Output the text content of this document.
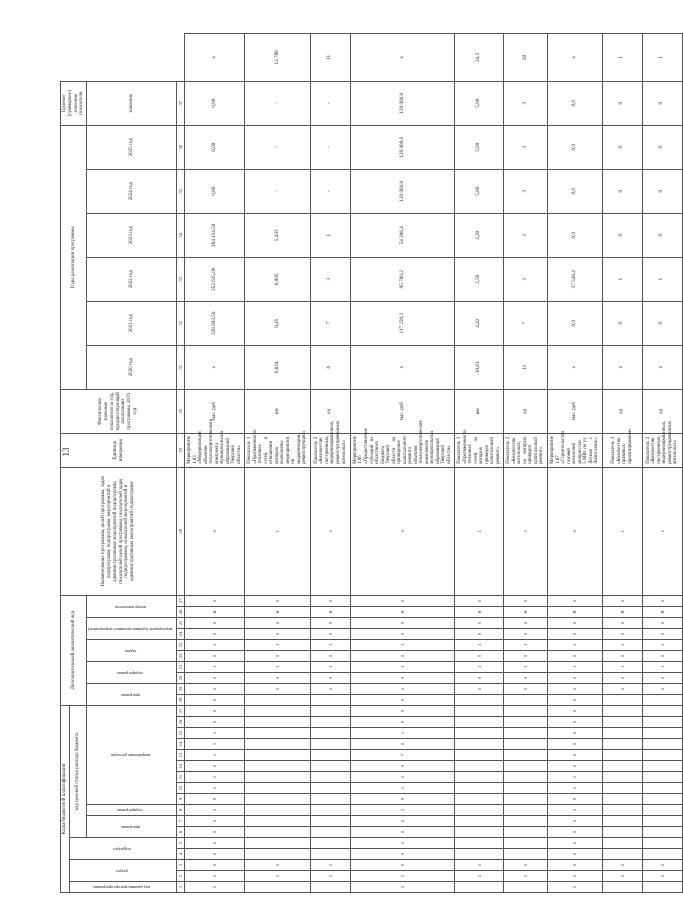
13
Коды бюджетной классификации																	Дополнительный аналитический код										Наименование программы, целей программы, задач подпрограмм, подпрограмм, мероприятий и административных мероприятий подпрограмм, показателей целей программы, показателей задач подпрограммы, показателей мероприятий и административных мероприятий подпрограмм	Единица измерения	Фактическое значение показателя за год, предшествующий реализации программы, 2019 год	Годы реализации программы						Целевое (суммарное) значение показателя	
код администратора программы	раздел		подраздел		код целевой статьи расхода бюджета																																
					программа		подпрограмма	направление расходов									программа		подпрограмма		задача		мероприятие (административное мероприятие)		номер показателя					2020 год	2021 год	2022 год	2023 год	2024 год	2025 год	значение	
1	2	3	4	5	6	7	8	9	10	11	12	13	14	15	16	17	18	19	20	21	22	23	24	25	26	27	28	29	30	31	32	33	34	35	36	37	
2	5	0	0	5	0	2	3	9	1	1	0	1	1	1	0	0	0	5	0	1	0	1	0	0	К	0	0	Мероприятие 1.03 «Модернизация объектов теплоэнергетического комплекса муниципальных образований Тверской области»	тыс. руб	х	228 693,50	252 615,00	184 114,50	0,00	0,00	0,00	х
	2	5																5	0	1	0	1	0	0	К	0	1	Показатель 1 «Протяженность тепловых сетей, в отношении которых выполнены мероприятия по модернизации, реконструкции»	км	6,824	0,45	6,905	5,433	-	-	-	12,788
	2	5																5	0	1	0	1	0	0	К	0	2	Показатель 2 «Количество построенных, модернизированных, реконструированных котельных»	ед	6	7	3	1	-	-	-	11
2	5	0	0	5	0	2	3	9	1	1	0	7	0	1	0	0	0	5	0	1	0	1	0	0	Н	0	0	Мероприятие 1.06 «Предоставление субсидий из областного бюджета Тверской области на проведение капитального ремонта объектов теплоэнергетических комплексов муниципальных образований Тверской области»	тыс. руб	х	117 220,3	95 780,2	54 396,4	120 000,0	120 000,0	120 000,0	х
	2	5																5	0	1	0	1	0	0	Н	0	1	Показатель 1 «Протяженность тепловых сетей, на которых проведен капитальный ремонт»	км	10,61	4,42	2,50	2,20	5,00	5,00	5,00	24,2
	2	5																5	0	1	0	1	0	0	Н	0	2	Показатель 2 «Количество котельных, на которых проведен капитальный ремонт»	ед	11	7	2	2	3	3	3	20
2	2	0	0	5	0	2	3	9	1	1	0	0	0	0	0	0	0	5	0	1	0	1	0	0	В	0	0	Мероприятие 1.07 «Строительство газовой котельной мощностью 5 МВт по ул. Лесная г. Лихославль»	тыс. руб	х	0,0	37 546,4	0,0	0,0	0,0	0,0	х
	2	2																5	0	1	0	1	0	0	В	0	1	Показатель 1 «Количество правовых проектирования»	ед	х	0	1	0	0	0	0	1
	2	2																5	0	1	0	1	0	0	В	0	2	Показатель 2 «Количество построенных, модернизированных, реконструированных котельных»	ед	х	0	1	0	0	0	0	1
